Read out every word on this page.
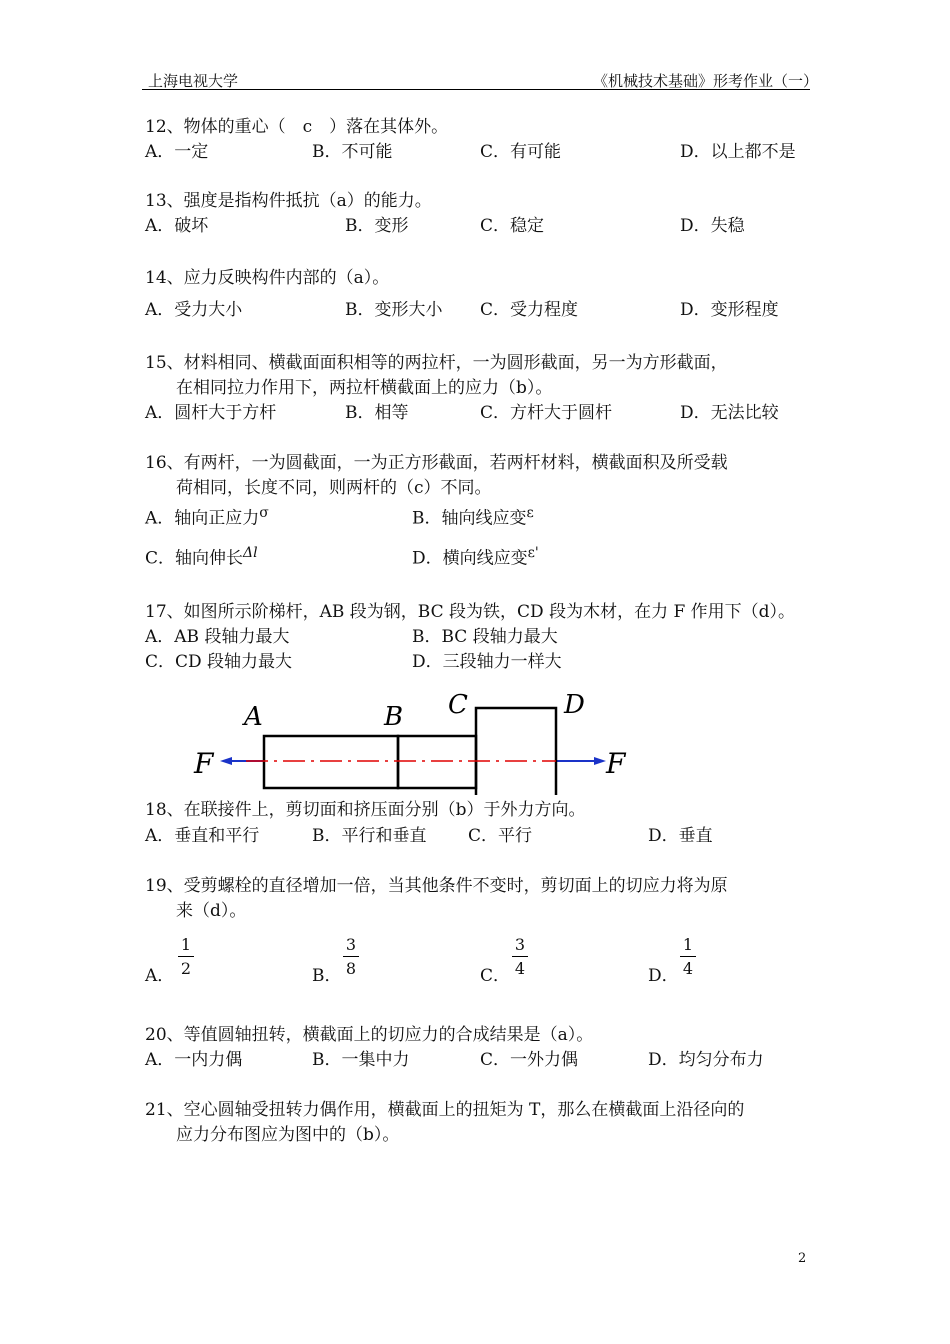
上海电视大学	《机械技术基础》形考作业（一）
12、物体的重心（　c　）落在其体外。
A．一定	B．不可能	C．有可能	D．以上都不是
13、强度是指构件抵抗（a）的能力。
A．破坏	B．变形	C．稳定	D．失稳
14、应力反映构件内部的（a）。
A．受力大小	B．变形大小 C．受力程度	D．变形程度
15、材料相同、横截面面积相等的两拉杆，一为圆形截面，另一为方形截面，
在相同拉力作用下，两拉杆横截面上的应力（b）。
A．圆杆大于方杆	B．相等	C．方杆大于圆杆	D．无法比较
16、有两杆，一为圆截面，一为正方形截面，若两杆材料，横截面积及所受载
荷相同，长度不同，则两杆的（c）不同。
A．轴向正应力$^\sigma$	B．轴向线应变$^\varepsilon$
C．轴向伸长$^{\Delta l}$	D．横向线应变$^{\varepsilon'}$
17、如图所示阶梯杆，AB 段为钢，BC 段为铁，CD 段为木材，在力 F 作用下（d）。
A．AB 段轴力最大	B．BC 段轴力最大
C．CD 段轴力最大	D．三段轴力一样大
A	B C	D
F	F
18、在联接件上，剪切面和挤压面分别（b）于外力方向。
A．垂直和平行	B．平行和垂直 C．平行	D．垂直
19、受剪螺栓的直径增加一倍，当其他条件不变时，剪切面上的切应力将为原
来（d）。
A．
1
2	B．
3
8	C．
3
4	D．
1
4
20、等值圆轴扭转，横截面上的切应力的合成结果是（a）。
A．一内力偶	B．一集中力	C．一外力偶	D．均匀分布力
21、空心圆轴受扭转力偶作用，横截面上的扭矩为 T，那么在横截面上沿径向的
应力分布图应为图中的（b）。
2
